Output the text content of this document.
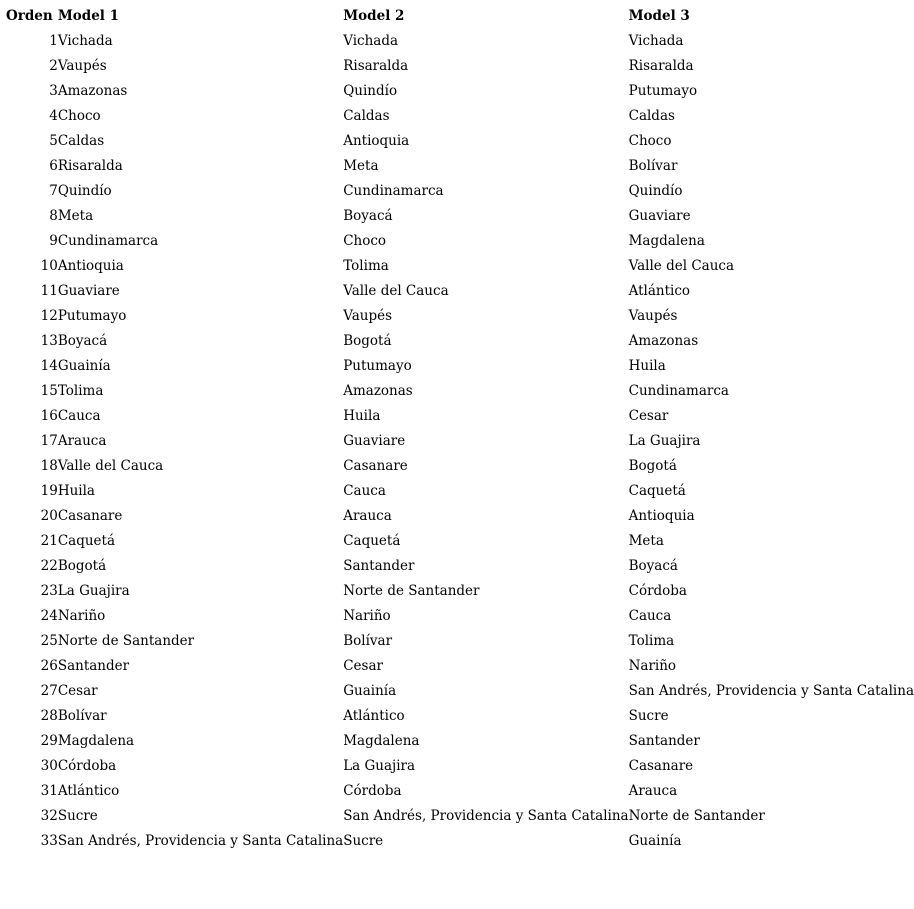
Orden	Model 1	Model 2	Model 3
1	Vichada	Vichada	Vichada
2	Vaupés	Risaralda	Risaralda
3	Amazonas	Quindío	Putumayo
4	Choco	Caldas	Caldas
5	Caldas	Antioquia	Choco
6	Risaralda	Meta	Bolívar
7	Quindío	Cundinamarca	Quindío
8	Meta	Boyacá	Guaviare
9	Cundinamarca	Choco	Magdalena
10	Antioquia	Tolima	Valle del Cauca
11	Guaviare	Valle del Cauca	Atlántico
12	Putumayo	Vaupés	Vaupés
13	Boyacá	Bogotá	Amazonas
14	Guainía	Putumayo	Huila
15	Tolima	Amazonas	Cundinamarca
16	Cauca	Huila	Cesar
17	Arauca	Guaviare	La Guajira
18	Valle del Cauca	Casanare	Bogotá
19	Huila	Cauca	Caquetá
20	Casanare	Arauca	Antioquia
21	Caquetá	Caquetá	Meta
22	Bogotá	Santander	Boyacá
23	La Guajira	Norte de Santander	Córdoba
24	Nariño	Nariño	Cauca
25	Norte de Santander	Bolívar	Tolima
26	Santander	Cesar	Nariño
27	Cesar	Guainía	San Andrés, Providencia y Santa Catalina
28	Bolívar	Atlántico	Sucre
29	Magdalena	Magdalena	Santander
30	Córdoba	La Guajira	Casanare
31	Atlántico	Córdoba	Arauca
32	Sucre	San Andrés, Providencia y Santa Catalina	Norte de Santander
33	San Andrés, Providencia y Santa Catalina	Sucre	Guainía
